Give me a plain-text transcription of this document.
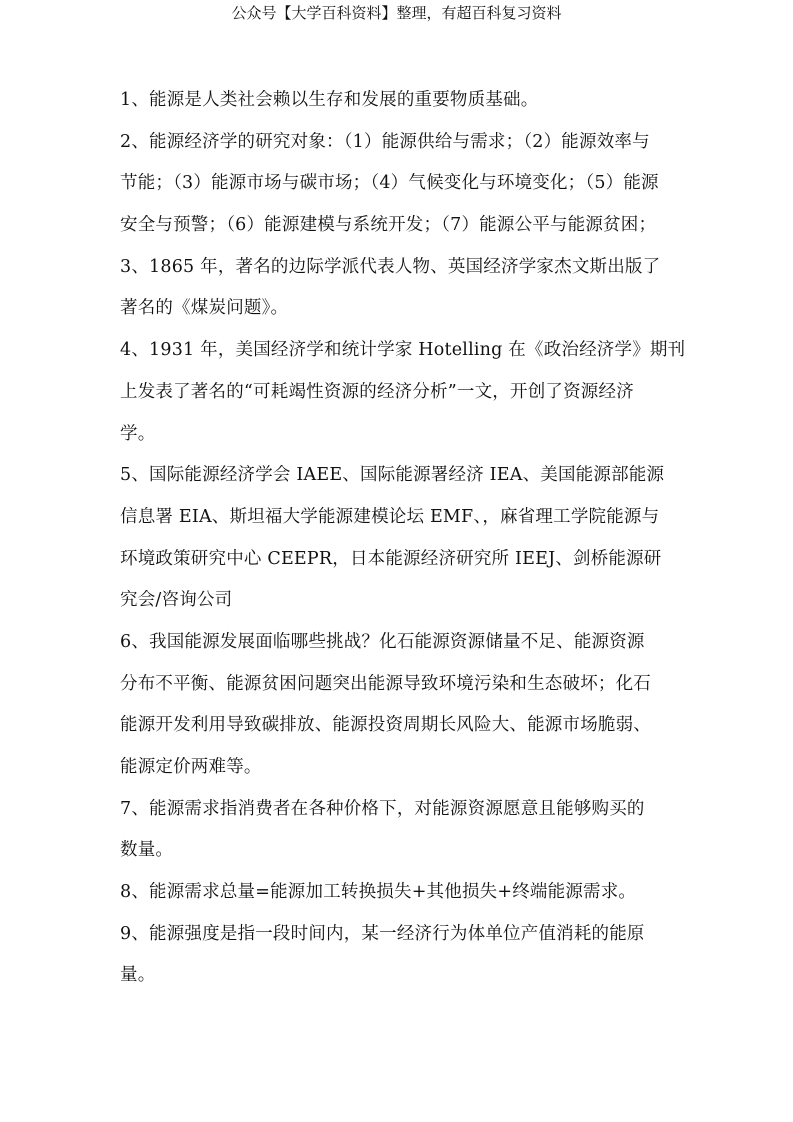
公众号【大学百科资料】整理，有超百科复习资料
1、能源是人类社会赖以生存和发展的重要物质基础。
2、能源经济学的研究对象：（1）能源供给与需求；（2）能源效率与
节能；（3）能源市场与碳市场；（4）气候变化与环境变化；（5）能源
安全与预警；（6）能源建模与系统开发；（7）能源公平与能源贫困；
3、1865 年，著名的边际学派代表人物、英国经济学家杰文斯出版了
著名的《煤炭问题》。
4、1931 年，美国经济学和统计学家 Hotelling 在《政治经济学》期刊
上发表了著名的“可耗竭性资源的经济分析”一文，开创了资源经济
学。
5、国际能源经济学会 IAEE、国际能源署经济 IEA、美国能源部能源
信息署 EIA、斯坦福大学能源建模论坛 EMF、，麻省理工学院能源与
环境政策研究中心 CEEPR，日本能源经济研究所 IEEJ、剑桥能源研
究会/咨询公司
6、我国能源发展面临哪些挑战？化石能源资源储量不足、能源资源
分布不平衡、能源贫困问题突出能源导致环境污染和生态破坏；化石
能源开发利用导致碳排放、能源投资周期长风险大、能源市场脆弱、
能源定价两难等。
7、能源需求指消费者在各种价格下，对能源资源愿意且能够购买的
数量。
8、能源需求总量=能源加工转换损失+其他损失+终端能源需求。
9、能源强度是指一段时间内，某一经济行为体单位产值消耗的能原
量。
